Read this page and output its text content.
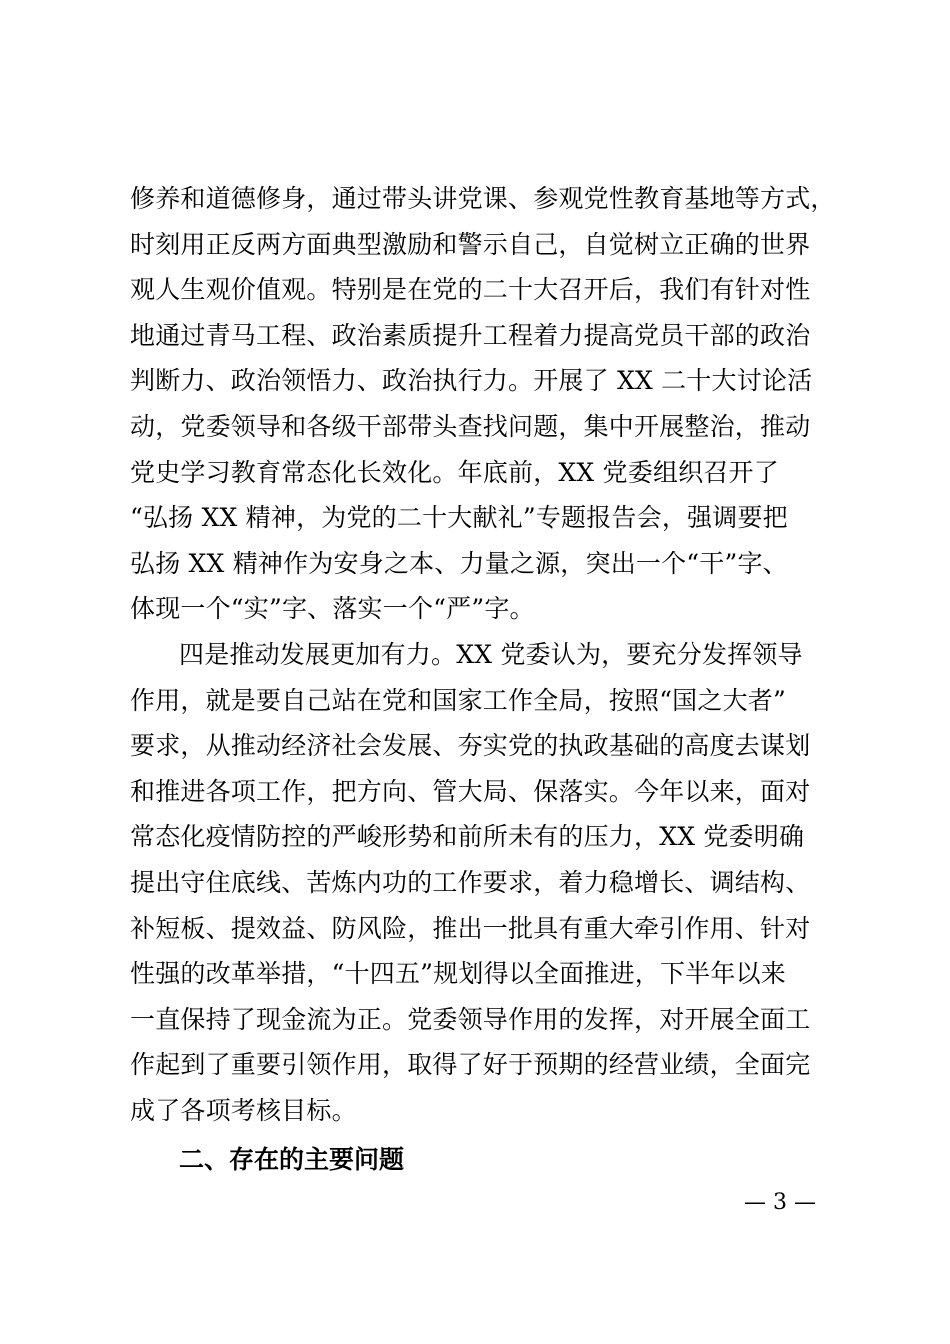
修养和道德修身，通过带头讲党课、参观党性教育基地等方式，
时刻用正反两方面典型激励和警示自己，自觉树立正确的世界
观人生观价值观。特别是在党的二十大召开后，我们有针对性
地通过青马工程、政治素质提升工程着力提高党员干部的政治
判断力、政治领悟力、政治执行力。开展了 XX 二十大讨论活
动，党委领导和各级干部带头查找问题，集中开展整治，推动
党史学习教育常态化长效化。年底前，XX 党委组织召开了
“弘扬 XX 精神，为党的二十大献礼”专题报告会，强调要把
弘扬 XX 精神作为安身之本、力量之源，突出一个“干”字、
体现一个“实”字、落实一个“严”字。
四是推动发展更加有力。XX 党委认为，要充分发挥领导
作用，就是要自己站在党和国家工作全局，按照“国之大者”
要求，从推动经济社会发展、夯实党的执政基础的高度去谋划
和推进各项工作，把方向、管大局、保落实。今年以来，面对
常态化疫情防控的严峻形势和前所未有的压力，XX 党委明确
提出守住底线、苦炼内功的工作要求，着力稳增长、调结构、
补短板、提效益、防风险，推出一批具有重大牵引作用、针对
性强的改革举措，“十四五”规划得以全面推进，下半年以来
一直保持了现金流为正。党委领导作用的发挥，对开展全面工
作起到了重要引领作用，取得了好于预期的经营业绩，全面完
成了各项考核目标。
二、存在的主要问题
— 3 —
